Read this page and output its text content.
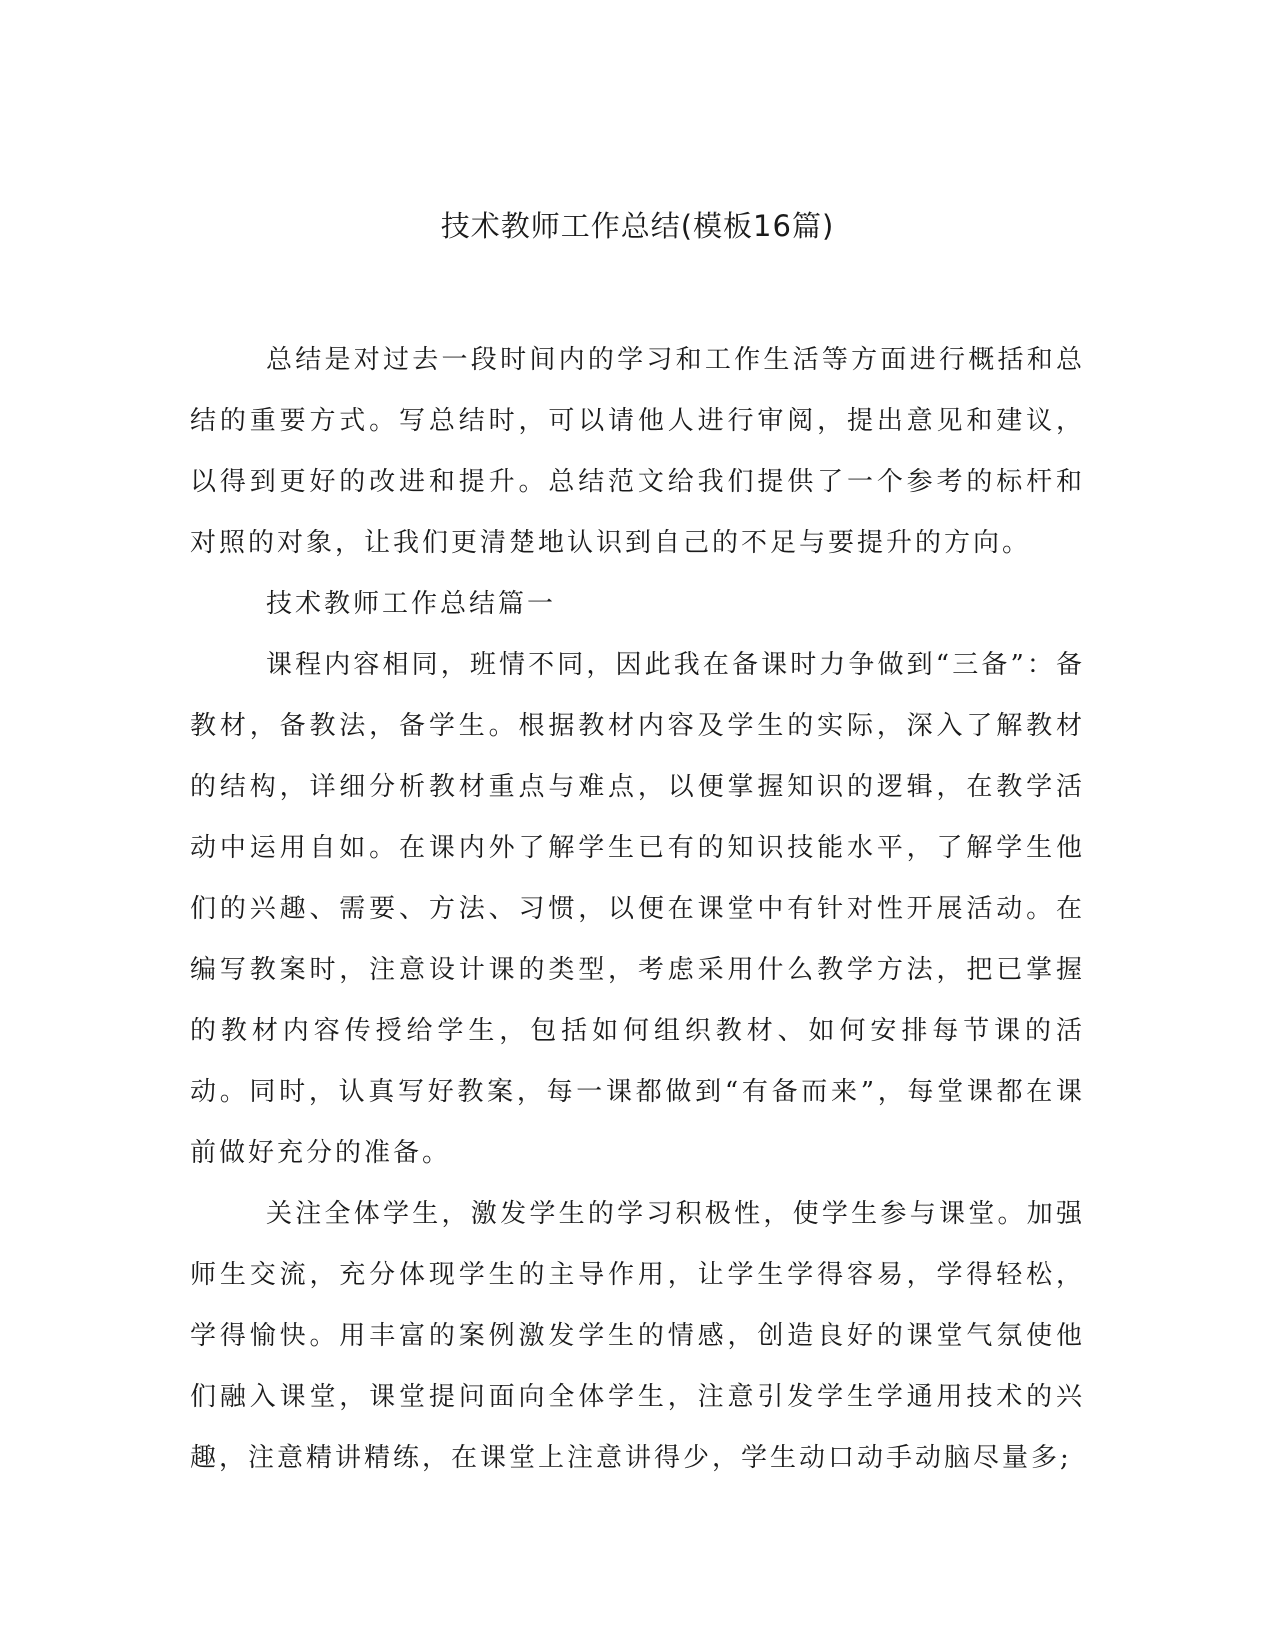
技术教师工作总结(模板16篇)

总结是对过去一段时间内的学习和工作生活等方面进行概括和总结的重要方式。写总结时，可以请他人进行审阅，提出意见和建议，以得到更好的改进和提升。总结范文给我们提供了一个参考的标杆和对照的对象，让我们更清楚地认识到自己的不足与要提升的方向。

技术教师工作总结篇一

课程内容相同，班情不同，因此我在备课时力争做到“三备”：备教材，备教法，备学生。根据教材内容及学生的实际，深入了解教材的结构，详细分析教材重点与难点，以便掌握知识的逻辑，在教学活动中运用自如。在课内外了解学生已有的知识技能水平，了解学生他们的兴趣、需要、方法、习惯，以便在课堂中有针对性开展活动。在编写教案时，注意设计课的类型，考虑采用什么教学方法，把已掌握的教材内容传授给学生，包括如何组织教材、如何安排每节课的活动。同时，认真写好教案，每一课都做到“有备而来”，每堂课都在课前做好充分的准备。

关注全体学生，激发学生的学习积极性，使学生参与课堂。加强师生交流，充分体现学生的主导作用，让学生学得容易，学得轻松，学得愉快。用丰富的案例激发学生的情感，创造良好的课堂气氛使他们融入课堂，课堂提问面向全体学生，注意引发学生学通用技术的兴趣，注意精讲精练，在课堂上注意讲得少，学生动口动手动脑尽量多;
